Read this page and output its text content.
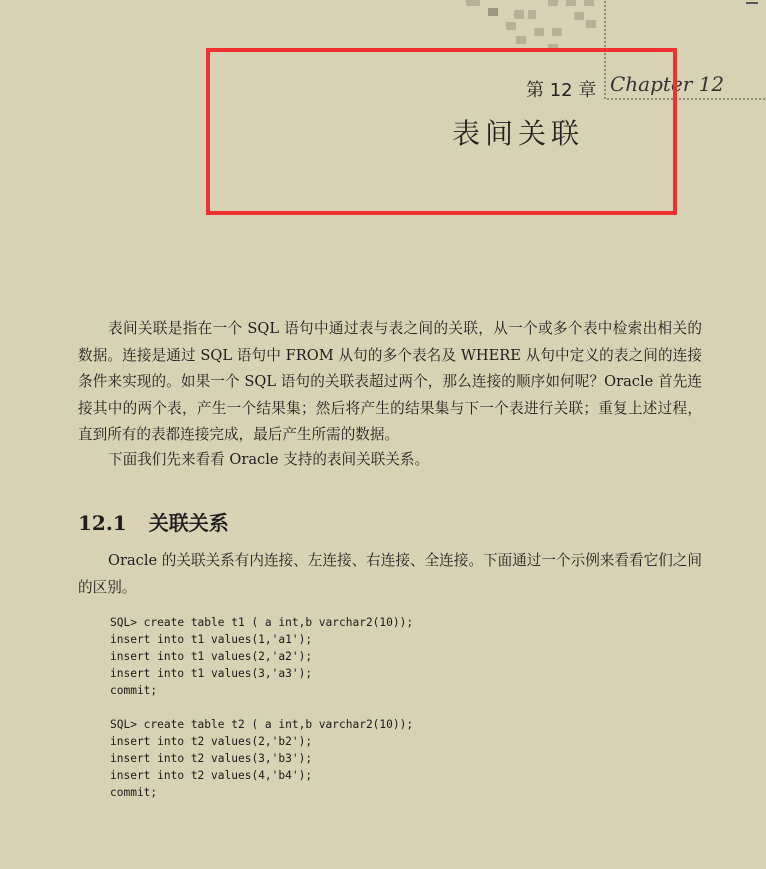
第 12 章 Chapter 12
表间关联

表间关联是指在一个 SQL 语句中通过表与表之间的关联，从一个或多个表中检索出相关的数据。连接是通过 SQL 语句中 FROM 从句的多个表名及 WHERE 从句中定义的表之间的连接条件来实现的。如果一个 SQL 语句的关联表超过两个，那么连接的顺序如何呢？Oracle 首先连接其中的两个表，产生一个结果集；然后将产生的结果集与下一个表进行关联；重复上述过程，直到所有的表都连接完成，最后产生所需的数据。

下面我们先来看看 Oracle 支持的表间关联关系。

12.1 关联关系

Oracle 的关联关系有内连接、左连接、右连接、全连接。下面通过一个示例来看看它们之间的区别。

SQL> create table t1 ( a int,b varchar2(10));
insert into t1 values(1,'a1');
insert into t1 values(2,'a2');
insert into t1 values(3,'a3');
commit;
SQL> create table t2 ( a int,b varchar2(10));
insert into t2 values(2,'b2');
insert into t2 values(3,'b3');
insert into t2 values(4,'b4');
commit;
